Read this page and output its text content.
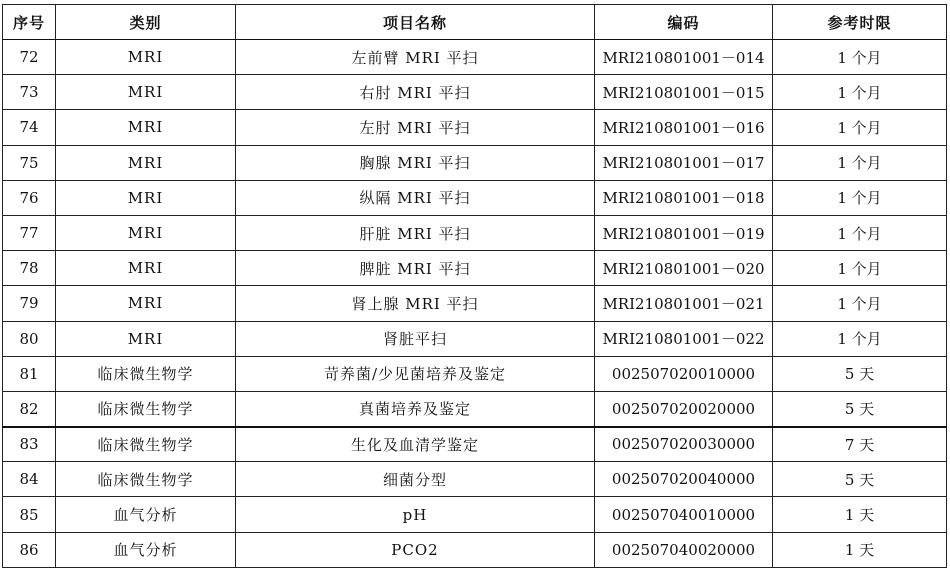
序号	类别	项目名称	编码	参考时限
72	MRI	左前臂 MRI 平扫	MRI210801001－014	1 个月
73	MRI	右肘 MRI 平扫	MRI210801001－015	1 个月
74	MRI	左肘 MRI 平扫	MRI210801001－016	1 个月
75	MRI	胸腺 MRI 平扫	MRI210801001－017	1 个月
76	MRI	纵隔 MRI 平扫	MRI210801001－018	1 个月
77	MRI	肝脏 MRI 平扫	MRI210801001－019	1 个月
78	MRI	脾脏 MRI 平扫	MRI210801001－020	1 个月
79	MRI	肾上腺 MRI 平扫	MRI210801001－021	1 个月
80	MRI	肾脏平扫	MRI210801001－022	1 个月
81	临床微生物学	苛养菌/少见菌培养及鉴定	002507020010000	5 天
82	临床微生物学	真菌培养及鉴定	002507020020000	5 天
83	临床微生物学	生化及血清学鉴定	002507020030000	7 天
84	临床微生物学	细菌分型	002507020040000	5 天
85	血气分析	pH	002507040010000	1 天
86	血气分析	PCO2	002507040020000	1 天
